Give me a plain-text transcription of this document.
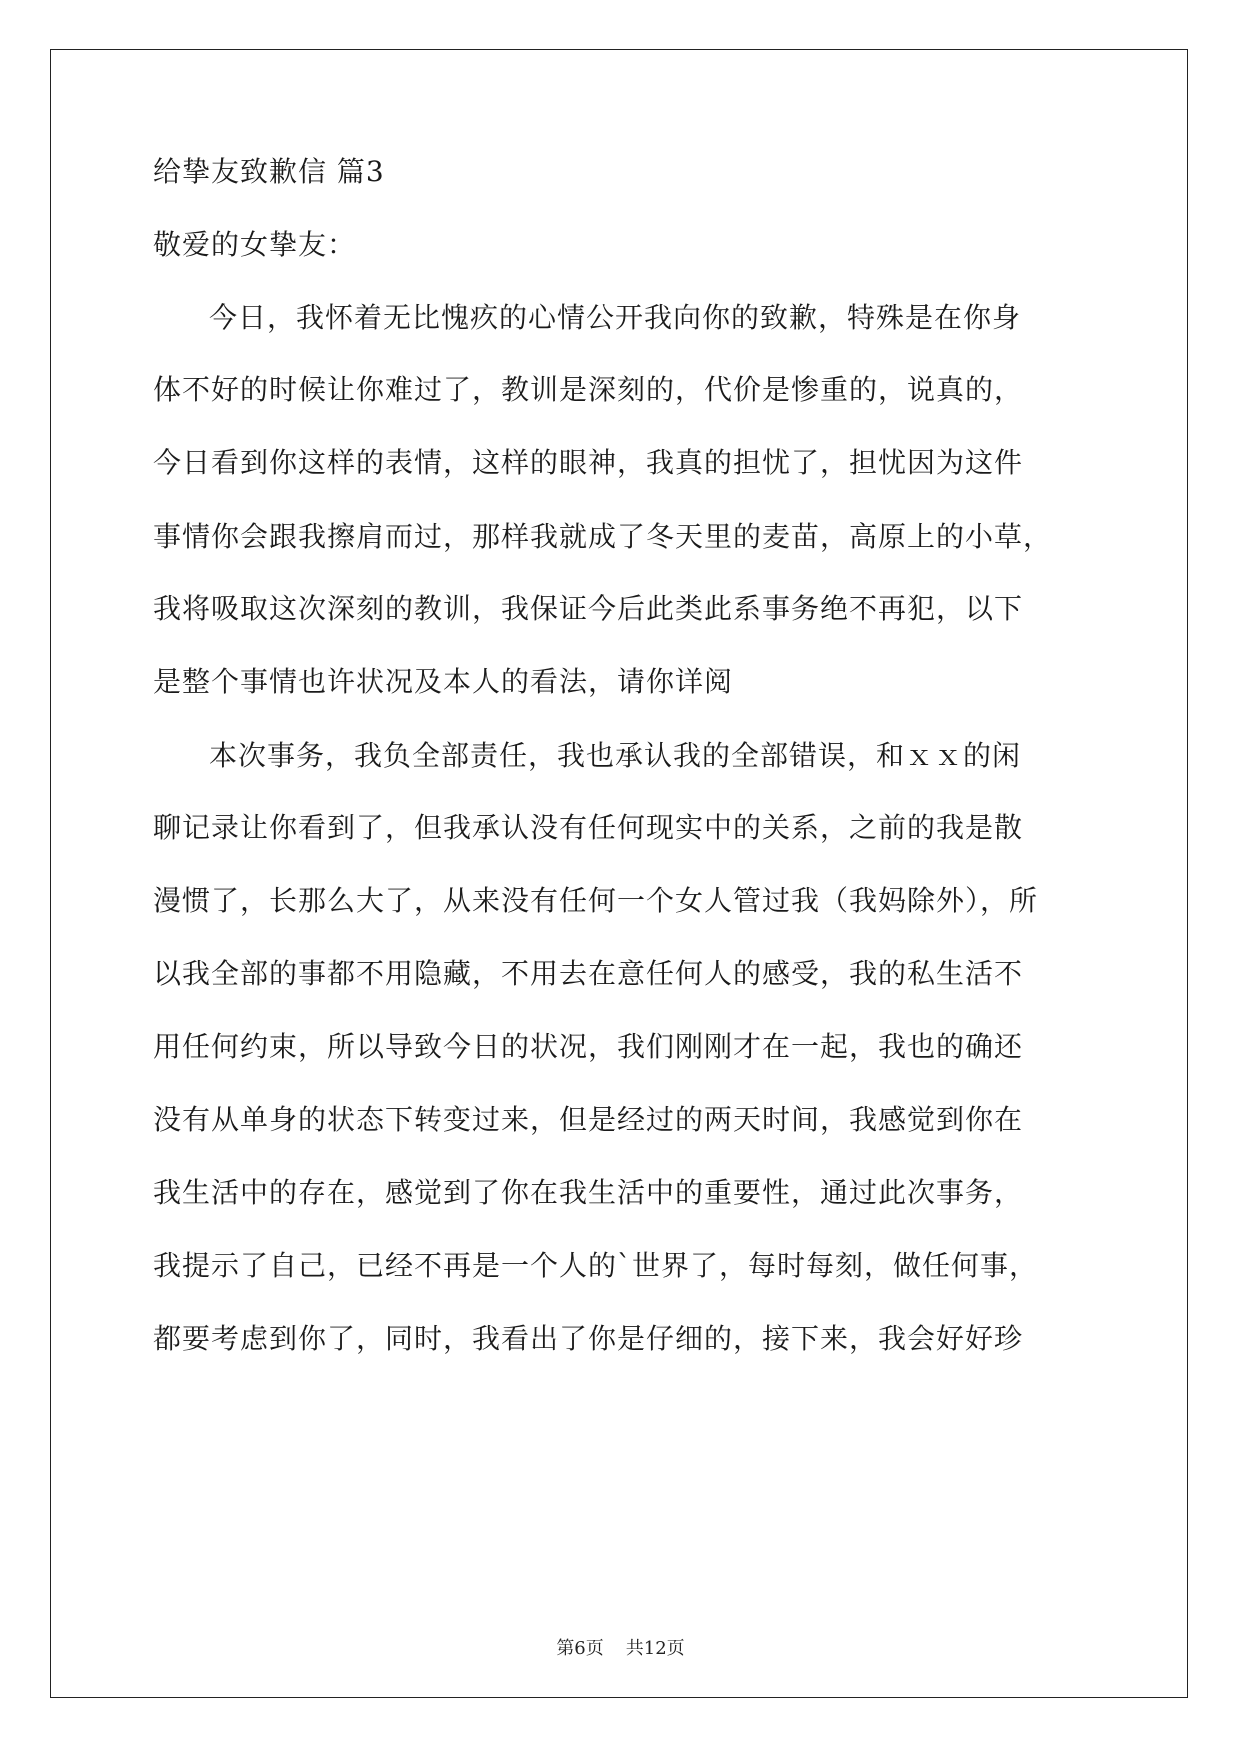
给挚友致歉信 篇3
敬爱的女挚友：
今日，我怀着无比愧疚的心情公开我向你的致歉，特殊是在你身
体不好的时候让你难过了，教训是深刻的，代价是惨重的，说真的，
今日看到你这样的表情，这样的眼神，我真的担忧了，担忧因为这件
事情你会跟我擦肩而过，那样我就成了冬天里的麦苗，高原上的小草，
我将吸取这次深刻的教训，我保证今后此类此系事务绝不再犯，以下
是整个事情也许状况及本人的看法，请你详阅
本次事务，我负全部责任，我也承认我的全部错误，和ｘｘ的闲
聊记录让你看到了，但我承认没有任何现实中的关系，之前的我是散
漫惯了，长那么大了，从来没有任何一个女人管过我（我妈除外），所
以我全部的事都不用隐藏，不用去在意任何人的感受，我的私生活不
用任何约束，所以导致今日的状况，我们刚刚才在一起，我也的确还
没有从单身的状态下转变过来，但是经过的两天时间，我感觉到你在
我生活中的存在，感觉到了你在我生活中的重要性，通过此次事务，
我提示了自己，已经不再是一个人的`世界了，每时每刻，做任何事，
都要考虑到你了，同时，我看出了你是仔细的，接下来，我会好好珍
第6页 共12页
